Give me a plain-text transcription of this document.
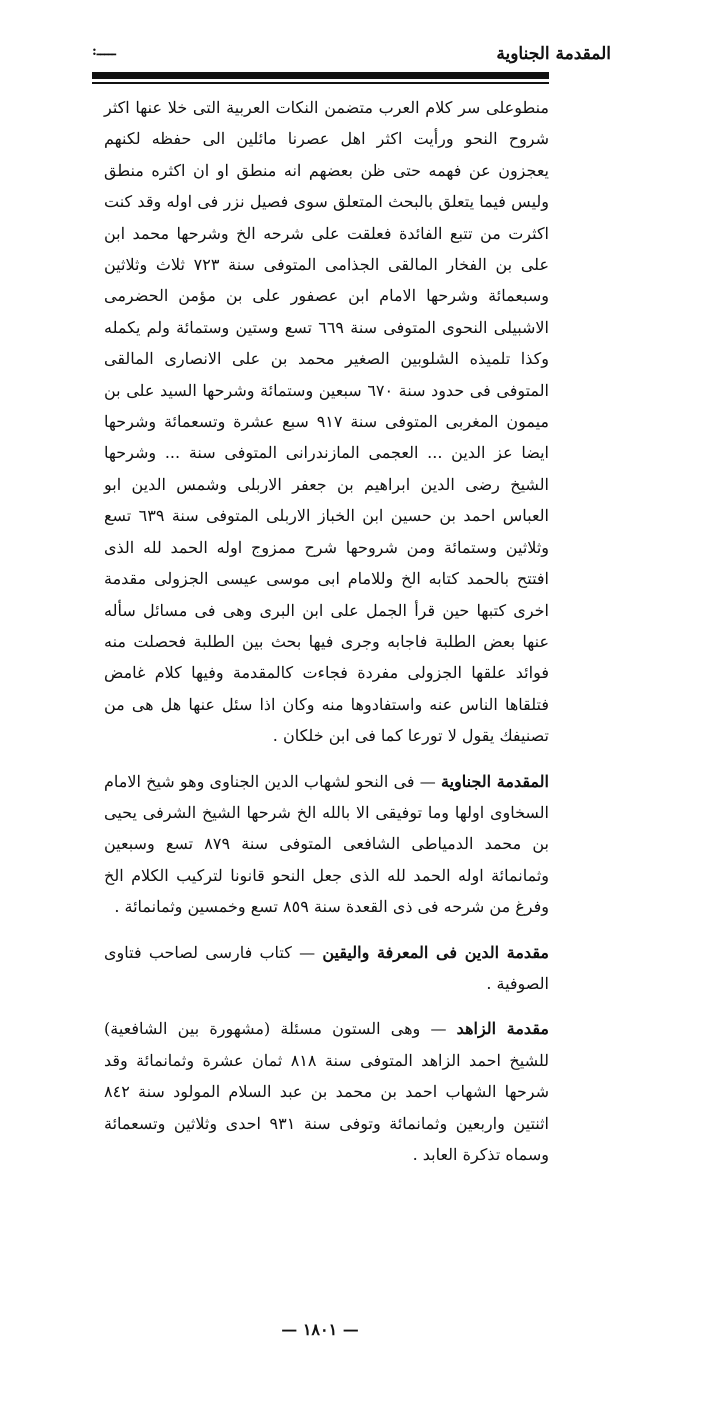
المقدمة الجناوية
:ـــــ

منطوعلى سر كلام العرب متضمن النكات العربية التى خلا عنها اكثر شروح النحو ورأيت اكثر اهل عصرنا مائلين الى حفظه لكنهم يعجزون عن فهمه حتى ظن بعضهم انه منطق او ان اكثره منطق وليس فيما يتعلق بالبحث المتعلق سوى فصيل نزر فى اوله وقد كنت اكثرت من تتبع الفائدة فعلقت على شرحه الخ وشرحها محمد ابن على بن الفخار المالقى الجذامى المتوفى سنة ٧٢٣ ثلاث وثلاثين وسبعمائة وشرحها الامام ابن عصفور على بن مؤمن الحضرمى الاشبيلى النحوى المتوفى سنة ٦٦٩ تسع وستين وستمائة ولم يكمله وكذا تلميذه الشلوبين الصغير محمد بن على الانصارى المالقى المتوفى فى حدود سنة ٦٧٠ سبعين وستمائة وشرحها السيد على بن ميمون المغربى المتوفى سنة ٩١٧ سبع عشرة وتسعمائة وشرحها ايضا عز الدين ... العجمى المازندرانى المتوفى سنة ... وشرحها الشيخ رضى الدين ابراهيم بن جعفر الاربلى وشمس الدين ابو العباس احمد بن حسين ابن الخباز الاربلى المتوفى سنة ٦٣٩ تسع وثلاثين وستمائة ومن شروحها شرح ممزوج اوله الحمد لله الذى افتتح بالحمد كتابه الخ وللامام ابى موسى عيسى الجزولى مقدمة اخرى كتبها حين قرأ الجمل على ابن البرى وهى فى مسائل سأله عنها بعض الطلبة فاجابه وجرى فيها بحث بين الطلبة فحصلت منه فوائد علقها الجزولى مفردة فجاءت كالمقدمة وفيها كلام غامض فتلقاها الناس عنه واستفادوها منه وكان اذا سئل عنها هل هى من تصنيفك يقول لا تورعا كما فى ابن خلكان .

المقدمة الجناوية — فى النحو لشهاب الدين الجناوى وهو شيخ الامام السخاوى اولها وما توفيقى الا بالله الخ شرحها الشيخ الشرفى يحيى بن محمد الدمياطى الشافعى المتوفى سنة ٨٧٩ تسع وسبعين وثمانمائة اوله الحمد لله الذى جعل النحو قانونا لتركيب الكلام الخ وفرغ من شرحه فى ذى القعدة سنة ٨٥٩ تسع وخمسين وثمانمائة .

مقدمة الدين فى المعرفة واليقين — كتاب فارسى لصاحب فتاوى الصوفية .

مقدمة الزاهد — وهى الستون مسئلة (مشهورة بين الشافعية) للشيخ احمد الزاهد المتوفى سنة ٨١٨ ثمان عشرة وثمانمائة وقد شرحها الشهاب احمد بن محمد بن عبد السلام المولود سنة ٨٤٢ اثنتين واربعين وثمانمائة وتوفى سنة ٩٣١ احدى وثلاثين وتسعمائة وسماه تذكرة العابد .

— ١٨٠١ —
